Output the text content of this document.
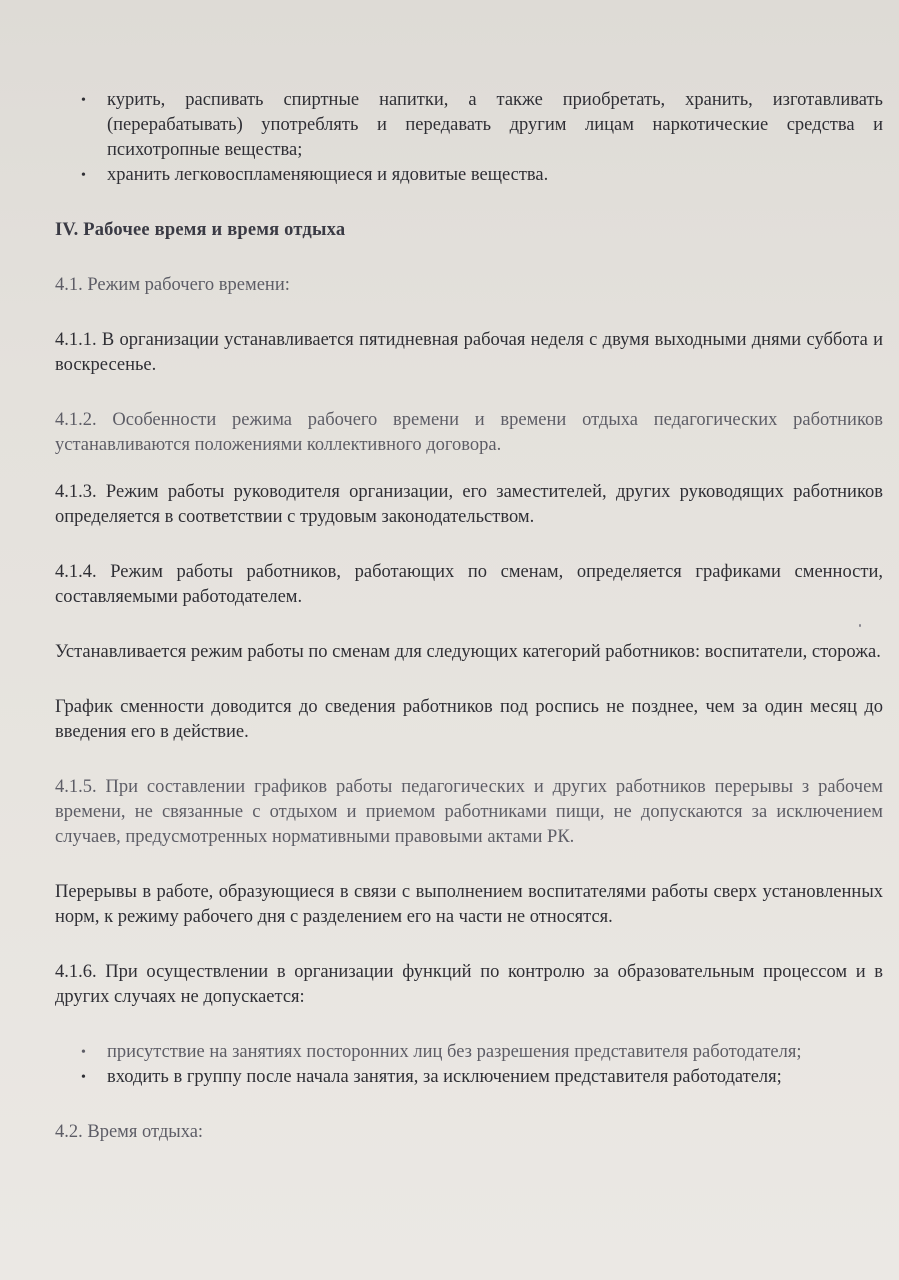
• курить, распивать спиртные напитки, а также приобретать, хранить, изготавливать (перерабатывать) употреблять и передавать другим лицам наркотические средства и психотропные вещества;
• хранить легковоспламеняющиеся и ядовитые вещества.

IV. Рабочее время и время отдыха

4.1. Режим рабочего времени:

4.1.1. В организации устанавливается пятидневная рабочая неделя с двумя выходными днями суббота и воскресенье.

4.1.2. Особенности режима рабочего времени и времени отдыха педагогических работников устанавливаются положениями коллективного договора.

4.1.3. Режим работы руководителя организации, его заместителей, других руководящих работников определяется в соответствии с трудовым законодательством.

4.1.4. Режим работы работников, работающих по сменам, определяется графиками сменности, составляемыми работодателем.

Устанавливается режим работы по сменам для следующих категорий работников: воспитатели, сторожа.

График сменности доводится до сведения работников под роспись не позднее, чем за один месяц до введения его в действие.

4.1.5. При составлении графиков работы педагогических и других работников перерывы з рабочем времени, не связанные с отдыхом и приемом работниками пищи, не допускаются за исключением случаев, предусмотренных нормативными правовыми актами РК.

Перерывы в работе, образующиеся в связи с выполнением воспитателями работы сверх установленных норм, к режиму рабочего дня с разделением его на части не относятся.

4.1.6. При осуществлении в организации функций по контролю за образовательным процессом и в других случаях не допускается:

• присутствие на занятиях посторонних лиц без разрешения представителя работодателя;
• входить в группу после начала занятия, за исключением представителя работодателя;

4.2. Время отдыха:
